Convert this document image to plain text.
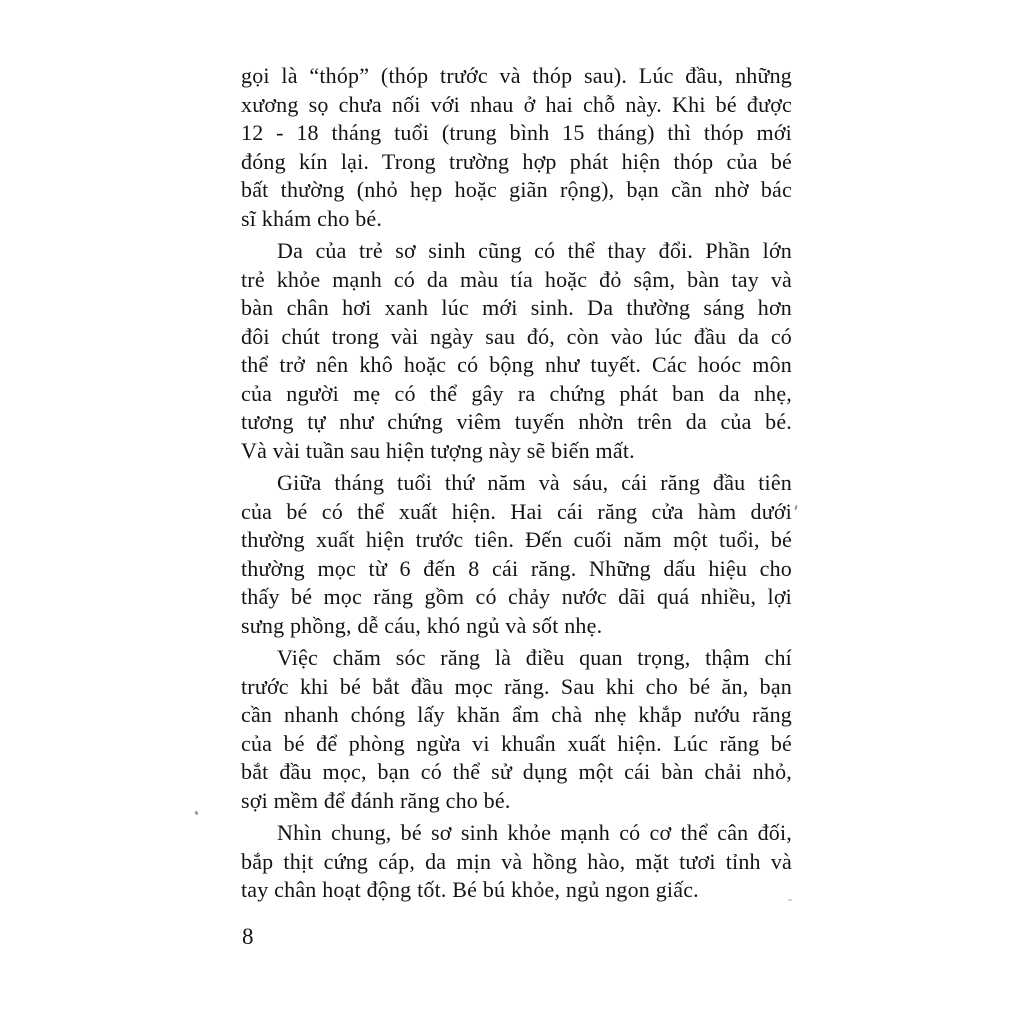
gọi là “thóp” (thóp trước và thóp sau). Lúc đầu, những
xương sọ chưa nối với nhau ở hai chỗ này. Khi bé được
12 - 18 tháng tuổi (trung bình 15 tháng) thì thóp mới
đóng kín lại. Trong trường hợp phát hiện thóp của bé
bất thường (nhỏ hẹp hoặc giãn rộng), bạn cần nhờ bác
sĩ khám cho bé.
Da của trẻ sơ sinh cũng có thể thay đổi. Phần lớn
trẻ khỏe mạnh có da màu tía hoặc đỏ sậm, bàn tay và
bàn chân hơi xanh lúc mới sinh. Da thường sáng hơn
đôi chút trong vài ngày sau đó, còn vào lúc đầu da có
thể trở nên khô hoặc có bộng như tuyết. Các hoóc môn
của người mẹ có thể gây ra chứng phát ban da nhẹ,
tương tự như chứng viêm tuyến nhờn trên da của bé.
Và vài tuần sau hiện tượng này sẽ biến mất.
Giữa tháng tuổi thứ năm và sáu, cái răng đầu tiên
của bé có thể xuất hiện. Hai cái răng cửa hàm dưới
thường xuất hiện trước tiên. Đến cuối năm một tuổi, bé
thường mọc từ 6 đến 8 cái răng. Những dấu hiệu cho
thấy bé mọc răng gồm có chảy nước dãi quá nhiều, lợi
sưng phồng, dễ cáu, khó ngủ và sốt nhẹ.
Việc chăm sóc răng là điều quan trọng, thậm chí
trước khi bé bắt đầu mọc răng. Sau khi cho bé ăn, bạn
cần nhanh chóng lấy khăn ẩm chà nhẹ khắp nướu răng
của bé để phòng ngừa vi khuẩn xuất hiện. Lúc răng bé
bắt đầu mọc, bạn có thể sử dụng một cái bàn chải nhỏ,
sợi mềm để đánh răng cho bé.
Nhìn chung, bé sơ sinh khỏe mạnh có cơ thể cân đối,
bắp thịt cứng cáp, da mịn và hồng hào, mặt tươi tỉnh và
tay chân hoạt động tốt. Bé bú khỏe, ngủ ngon giấc.
8
